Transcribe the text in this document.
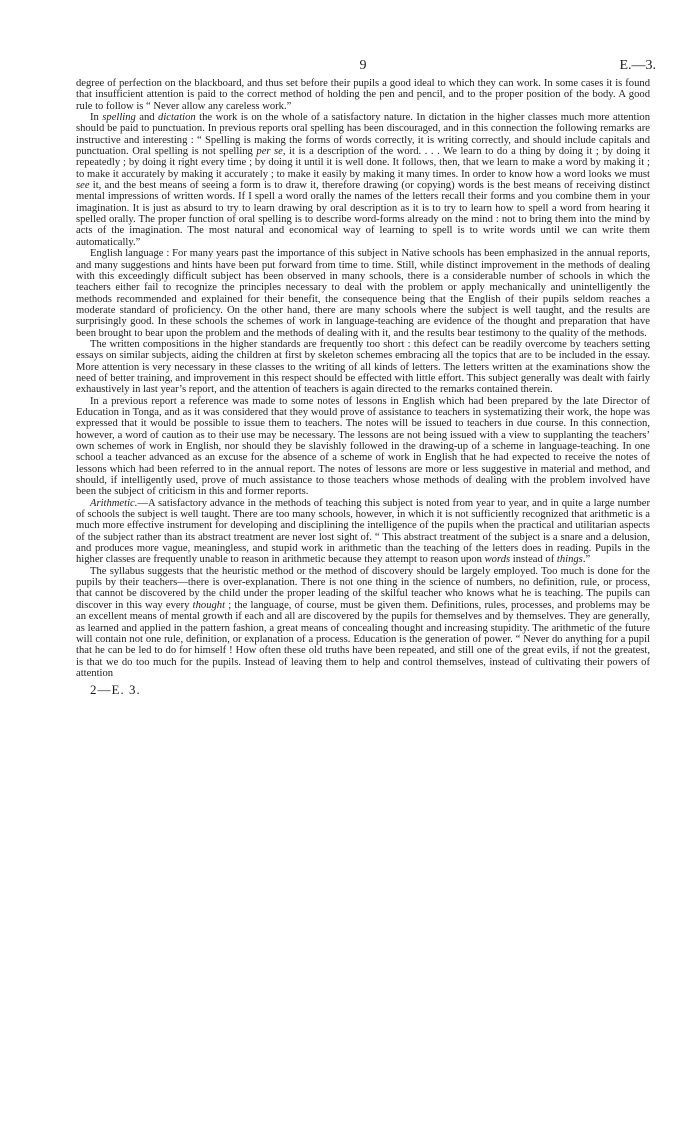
9	E.—3.

degree of perfection on the blackboard, and thus set before their pupils a good ideal to which they can work. In some cases it is found that insufficient attention is paid to the correct method of holding the pen and pencil, and to the proper position of the body. A good rule to follow is “ Never allow any careless work.”

In spelling and dictation the work is on the whole of a satisfactory nature. In dictation in the higher classes much more attention should be paid to punctuation. In previous reports oral spelling has been discouraged, and in this connection the following remarks are instructive and interesting : “ Spelling is making the forms of words correctly, it is writing correctly, and should include capitals and punctuation. Oral spelling is not spelling per se, it is a description of the word. . . . We learn to do a thing by doing it ; by doing it repeatedly ; by doing it right every time ; by doing it until it is well done. It follows, then, that we learn to make a word by making it ; to make it accurately by making it accurately ; to make it easily by making it many times. In order to know how a word looks we must see it, and the best means of seeing a form is to draw it, therefore drawing (or copying) words is the best means of receiving distinct mental impressions of written words. If I spell a word orally the names of the letters recall their forms and you combine them in your imagination. It is just as absurd to try to learn drawing by oral description as it is to try to learn how to spell a word from hearing it spelled orally. The proper function of oral spelling is to describe word-forms already on the mind : not to bring them into the mind by acts of the imagination. The most natural and economical way of learning to spell is to write words until we can write them automatically.”

English language : For many years past the importance of this subject in Native schools has been emphasized in the annual reports, and many suggestions and hints have been put forward from time to time. Still, while distinct improvement in the methods of dealing with this exceedingly difficult subject has been observed in many schools, there is a considerable number of schools in which the teachers either fail to recognize the principles necessary to deal with the problem or apply mechanically and unintelligently the methods recommended and explained for their benefit, the consequence being that the English of their pupils seldom reaches a moderate standard of proficiency. On the other hand, there are many schools where the subject is well taught, and the results are surprisingly good. In these schools the schemes of work in language-teaching are evidence of the thought and preparation that have been brought to bear upon the problem and the methods of dealing with it, and the results bear testimony to the quality of the methods.

The written compositions in the higher standards are frequently too short : this defect can be readily overcome by teachers setting essays on similar subjects, aiding the children at first by skeleton schemes embracing all the topics that are to be included in the essay. More attention is very necessary in these classes to the writing of all kinds of letters. The letters written at the examinations show the need of better training, and improvement in this respect should be effected with little effort. This subject generally was dealt with fairly exhaustively in last year’s report, and the attention of teachers is again directed to the remarks contained therein.

In a previous report a reference was made to some notes of lessons in English which had been prepared by the late Director of Education in Tonga, and as it was considered that they would prove of assistance to teachers in systematizing their work, the hope was expressed that it would be possible to issue them to teachers. The notes will be issued to teachers in due course. In this connection, however, a word of caution as to their use may be necessary. The lessons are not being issued with a view to supplanting the teachers’ own schemes of work in English, nor should they be slavishly followed in the drawing-up of a scheme in language-teaching. In one school a teacher advanced as an excuse for the absence of a scheme of work in English that he had expected to receive the notes of lessons which had been referred to in the annual report. The notes of lessons are more or less suggestive in material and method, and should, if intelligently used, prove of much assistance to those teachers whose methods of dealing with the problem involved have been the subject of criticism in this and former reports.

Arithmetic.—A satisfactory advance in the methods of teaching this subject is noted from year to year, and in quite a large number of schools the subject is well taught. There are too many schools, however, in which it is not sufficiently recognized that arithmetic is a much more effective instrument for developing and disciplining the intelligence of the pupils when the practical and utilitarian aspects of the subject rather than its abstract treatment are never lost sight of. “ This abstract treatment of the subject is a snare and a delusion, and produces more vague, meaningless, and stupid work in arithmetic than the teaching of the letters does in reading. Pupils in the higher classes are frequently unable to reason in arithmetic because they attempt to reason upon words instead of things.”

The syllabus suggests that the heuristic method or the method of discovery should be largely employed. Too much is done for the pupils by their teachers—there is over-explanation. There is not one thing in the science of numbers, no definition, rule, or process, that cannot be discovered by the child under the proper leading of the skilful teacher who knows what he is teaching. The pupils can discover in this way every thought ; the language, of course, must be given them. Definitions, rules, processes, and problems may be an excellent means of mental growth if each and all are discovered by the pupils for themselves and by themselves. They are generally, as learned and applied in the pattern fashion, a great means of concealing thought and increasing stupidity. The arithmetic of the future will contain not one rule, definition, or explanation of a process. Education is the generation of power. “ Never do anything for a pupil that he can be led to do for himself ! How often these old truths have been repeated, and still one of the great evils, if not the greatest, is that we do too much for the pupils. Instead of leaving them to help and control themselves, instead of cultivating their powers of attention

2—E. 3.
